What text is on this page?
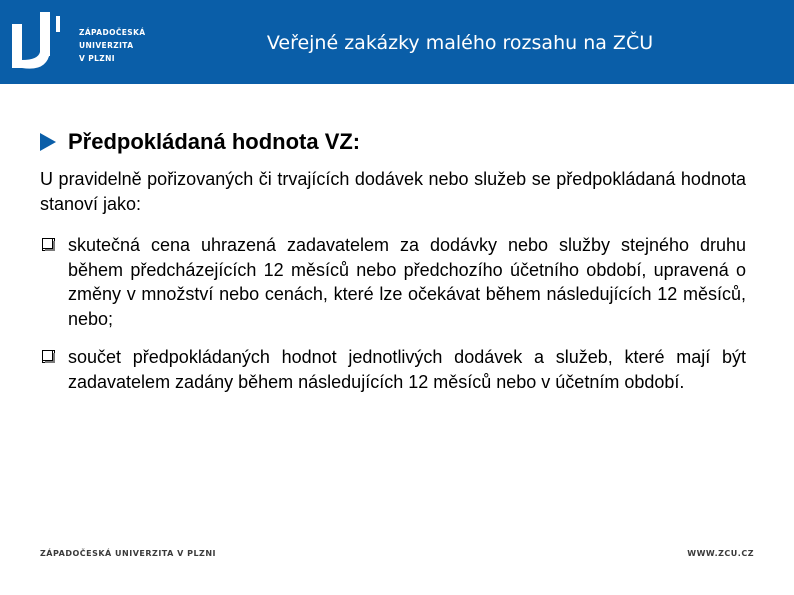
ZÁPADOČESKÁ
UNIVERZITA
V PLZNI
Veřejné zakázky malého rozsahu na ZČU
Předpokládaná hodnota VZ:
U pravidelně pořizovaných či trvajících dodávek nebo služeb se předpokládaná hodnota stanoví jako:
skutečná cena uhrazená zadavatelem za dodávky nebo služby stejného druhu během předcházejících 12 měsíců nebo předchozího účetního období, upravená o změny v množství nebo cenách, které lze očekávat během následujících 12 měsíců, nebo;
součet předpokládaných hodnot jednotlivých dodávek a služeb, které mají být zadavatelem zadány během následujících 12 měsíců nebo v účetním období.
ZÁPADOČESKÁ UNIVERZITA V PLZNI	WWW.ZCU.CZ
